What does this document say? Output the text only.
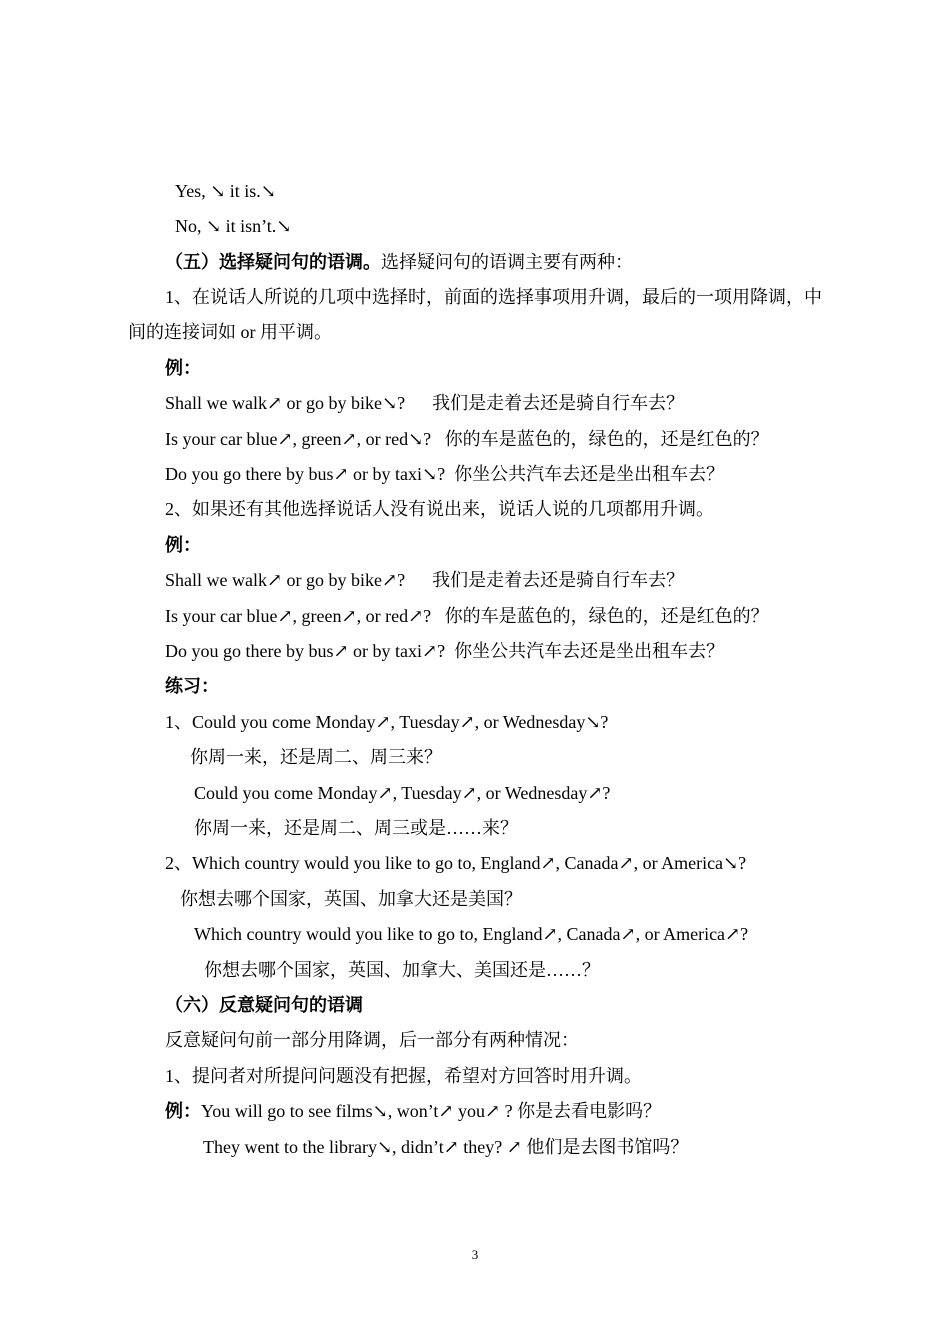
Yes, ↘ it is.↘
No, ↘ it isn’t.↘
（五）选择疑问句的语调。选择疑问句的语调主要有两种：
1、在说话人所说的几项中选择时，前面的选择事项用升调，最后的一项用降调，中
间的连接词如 or 用平调。
例：
Shall we walk↗ or go by bike↘?      我们是走着去还是骑自行车去？
Is your car blue↗, green↗, or red↘?   你的车是蓝色的，绿色的，还是红色的？
Do you go there by bus↗ or by taxi↘?  你坐公共汽车去还是坐出租车去？
2、如果还有其他选择说话人没有说出来，说话人说的几项都用升调。
例：
Shall we walk↗ or go by bike↗?      我们是走着去还是骑自行车去？
Is your car blue↗, green↗, or red↗?   你的车是蓝色的，绿色的，还是红色的？
Do you go there by bus↗ or by taxi↗?  你坐公共汽车去还是坐出租车去？
练习：
1、Could you come Monday↗, Tuesday↗, or Wednesday↘?
你周一来，还是周二、周三来？
Could you come Monday↗, Tuesday↗, or Wednesday↗?
你周一来，还是周二、周三或是……来？
2、Which country would you like to go to, England↗, Canada↗, or America↘?
你想去哪个国家，英国、加拿大还是美国？
Which country would you like to go to, England↗, Canada↗, or America↗?
你想去哪个国家，英国、加拿大、美国还是……？
（六）反意疑问句的语调
反意疑问句前一部分用降调，后一部分有两种情况：
1、提问者对所提问问题没有把握，希望对方回答时用升调。
例：You will go to see films↘, won’t↗ you↗ ? 你是去看电影吗？
They went to the library↘, didn’t↗ they? ↗ 他们是去图书馆吗？
3
